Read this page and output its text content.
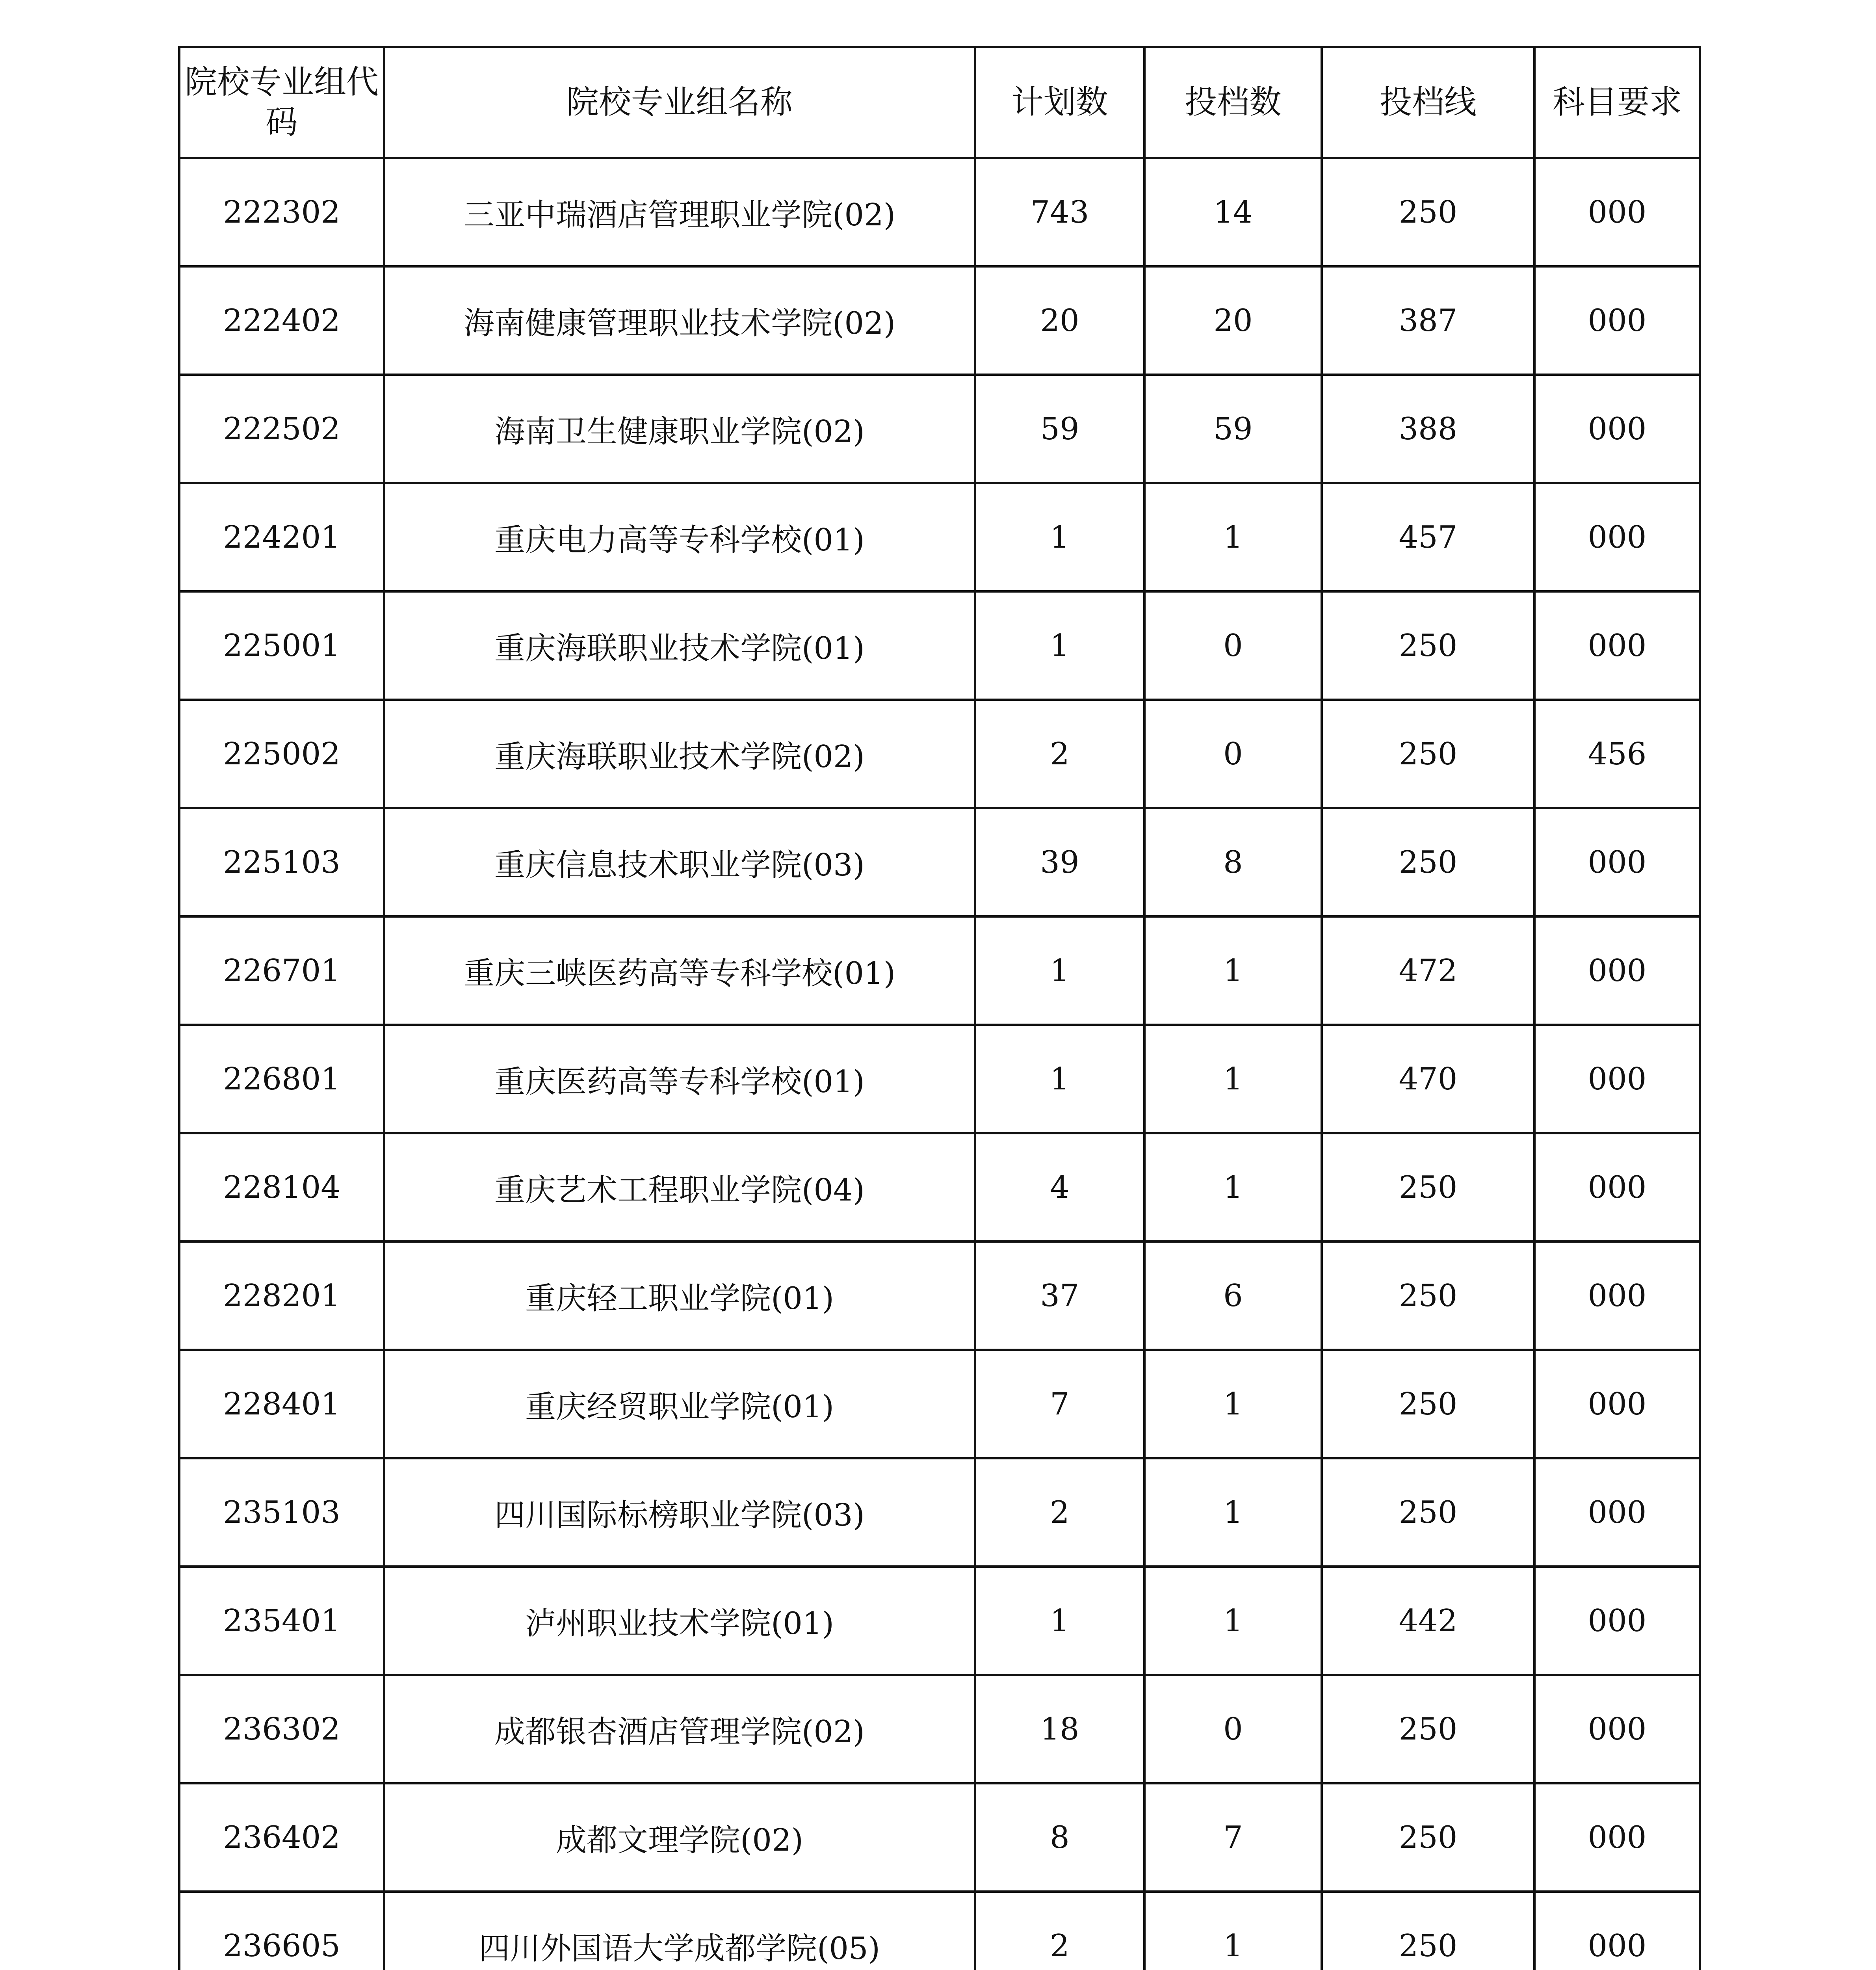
院校专业组代码	院校专业组名称	计划数	投档数	投档线	科目要求
222302	三亚中瑞酒店管理职业学院(02)	743	14	250	000
222402	海南健康管理职业技术学院(02)	20	20	387	000
222502	海南卫生健康职业学院(02)	59	59	388	000
224201	重庆电力高等专科学校(01)	1	1	457	000
225001	重庆海联职业技术学院(01)	1	0	250	000
225002	重庆海联职业技术学院(02)	2	0	250	456
225103	重庆信息技术职业学院(03)	39	8	250	000
226701	重庆三峡医药高等专科学校(01)	1	1	472	000
226801	重庆医药高等专科学校(01)	1	1	470	000
228104	重庆艺术工程职业学院(04)	4	1	250	000
228201	重庆轻工职业学院(01)	37	6	250	000
228401	重庆经贸职业学院(01)	7	1	250	000
235103	四川国际标榜职业学院(03)	2	1	250	000
235401	泸州职业技术学院(01)	1	1	442	000
236302	成都银杏酒店管理学院(02)	18	0	250	000
236402	成都文理学院(02)	8	7	250	000
236605	四川外国语大学成都学院(05)	2	1	250	000
